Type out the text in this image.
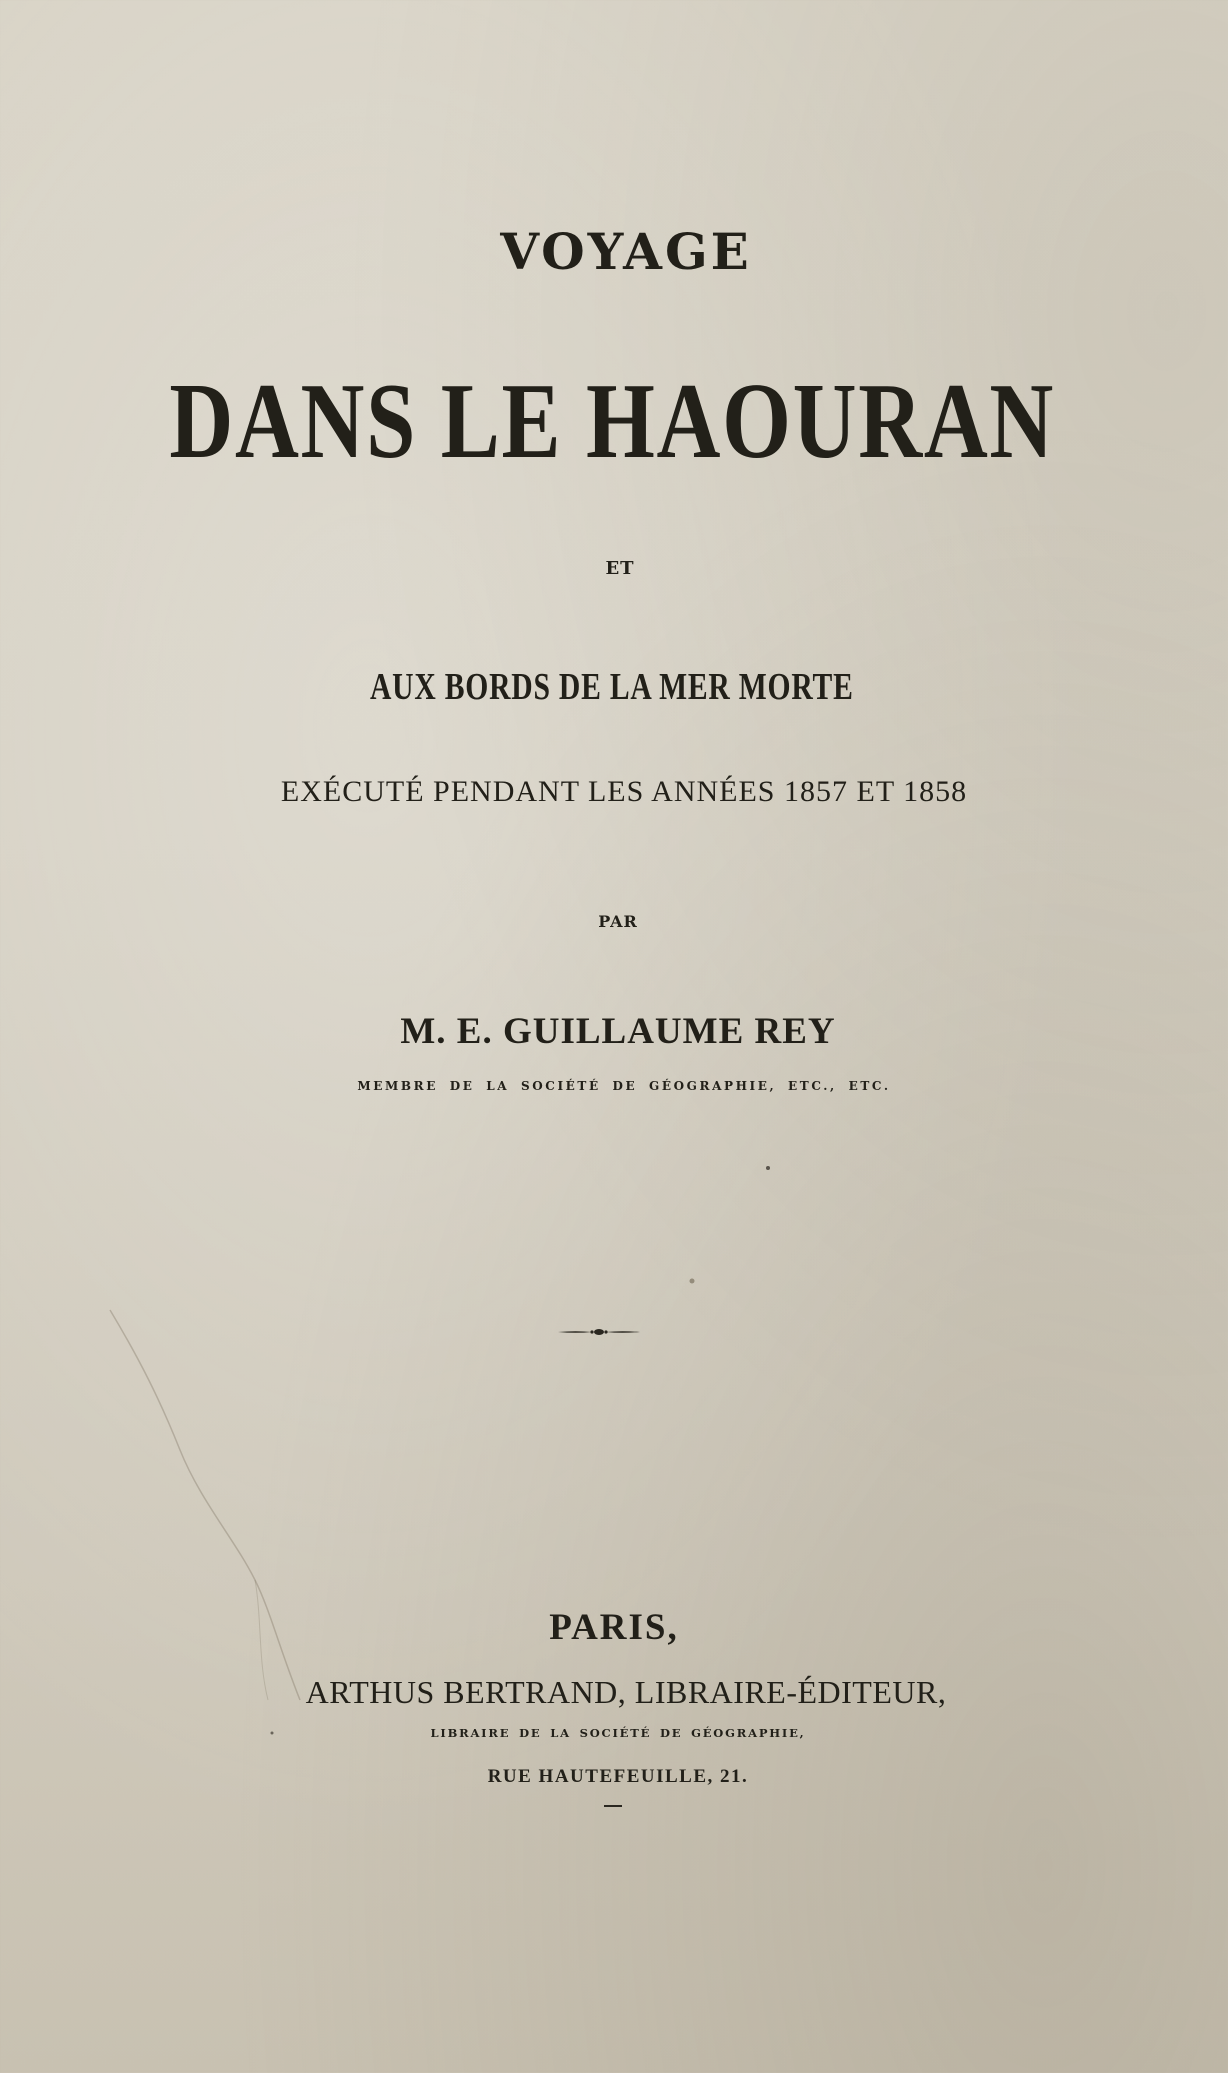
VOYAGE
DANS LE HAOURAN

ET

AUX BORDS DE LA MER MORTE

EXÉCUTÉ PENDANT LES ANNÉES 1857 ET 1858

PAR

M. E. GUILLAUME REY

MEMBRE DE LA SOCIÉTÉ DE GÉOGRAPHIE, ETC., ETC.

PARIS,

ARTHUS BERTRAND, LIBRAIRE-ÉDITEUR,

LIBRAIRE DE LA SOCIÉTÉ DE GÉOGRAPHIE,

RUE HAUTEFEUILLE, 21.
